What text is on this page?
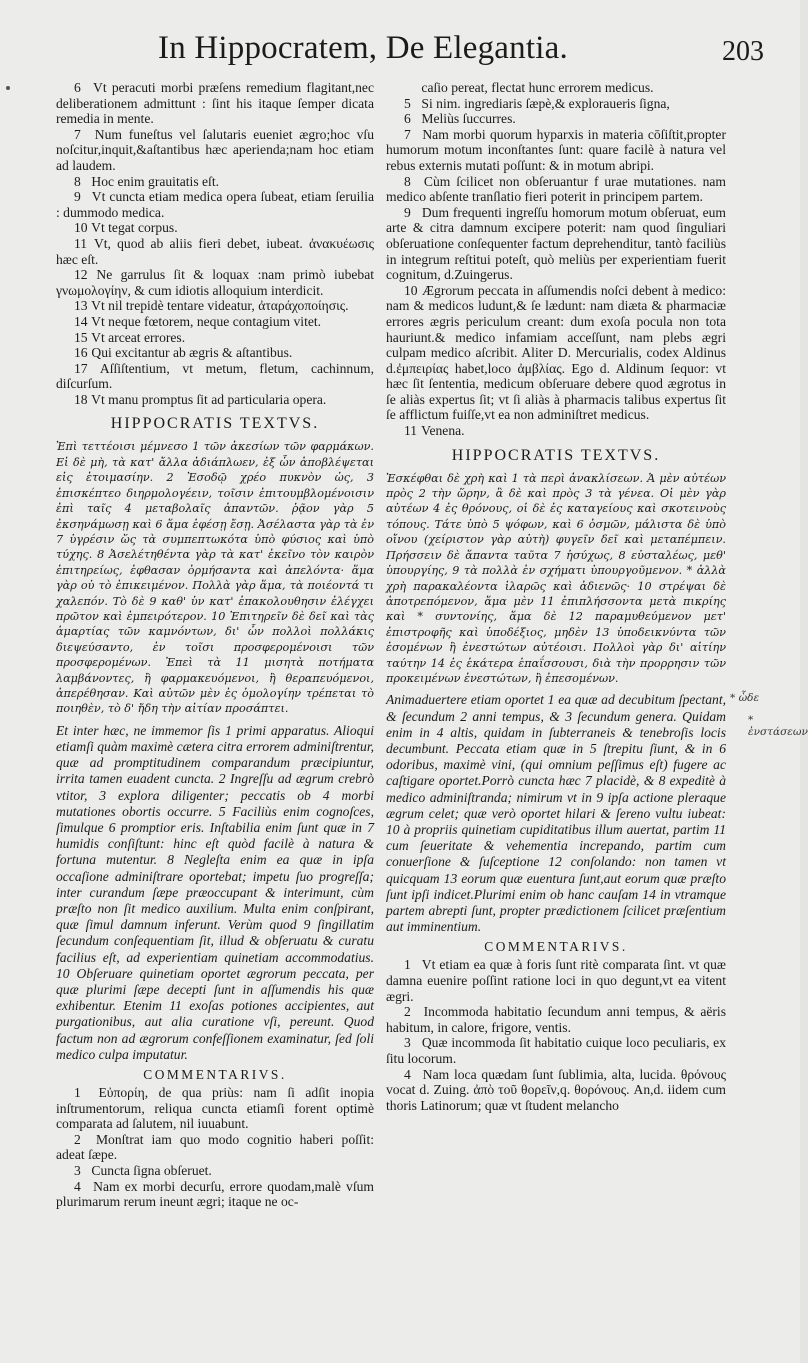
In Hippocratem, De Elegantia.	203

6 Vt peracuti morbi præſens remedium flagitant,nec deliberationem admittunt : ſint his itaque ſemper dicata remedia in mente.

7 Num funeſtus vel ſalutaris eueniet ægro;hoc vſu noſcitur,inquit,&aſtantibus hæc aperienda;nam hoc etiam ad laudem.

8 Hoc enim grauitatis eſt.

9 Vt cuncta etiam medica opera ſubeat, etiam ſeruilia : dummodo medica.

10 Vt tegat corpus.

11 Vt, quod ab aliis fieri debet, iubeat. ἀνακυέωσις hæc eſt.

12 Ne garrulus ſit & loquax :nam primò iubebat γνωμολογίην, & cum idiotis alloquium interdicit.

13 Vt nil trepidè tentare videatur, ἀταράχοποίησις.

14 Vt neque fœtorem, neque contagium vitet.

15 Vt arceat errores.

16 Qui excitantur ab ægris & aſtantibus.

17 Aſſiſtentium, vt metum, fletum, cachinnum, diſcurſum.

18 Vt manu promptus ſit ad particularia opera.

HIPPOCRATIS TEXTVS.

Ἐπὶ τεττέοισι μέμνεσο 1 τῶν ἀκεσίων τῶν φαρμάκων. Εἰ δὲ μὴ, τὰ κατ' ἄλλα ἀδιάπλωεν, ἐξ ὧν ἀποβλέψεται εἰς ἑτοιμασίην. 2 Ἐσοδῷ χρέο πυκνὸν ὡς, 3 ἐπισκέπτεο διηρμολογέειν, τοῖσιν ἐπιτουμβλομένοισιν ἐπὶ ταῖς 4 μεταβολαῖς ἀπαντῶν. ῥᾷον γὰρ 5 ἐκσηνάμωσῃ καὶ 6 ἅμα ἐφέσῃ ἔσῃ. Ἀσέλαστα γὰρ τὰ ἐν 7 ὑγρέσιν ὥς τὰ συμπεπτωκότα ὑπὸ φύσιος καὶ ὑπὸ τύχης. 8 Ἀσελέτηθέντα γὰρ τὰ κατ' ἐκεῖνο τὸν καιρὸν ἐπιτηρείως, ἐφθασαν ὀρμήσαντα καὶ ἀπελόντα· ἅμα γὰρ οὐ τὸ ἐπικειμένον. Πολλὰ γὰρ ἅμα, τὰ ποιέοντά τι χαλεπόν. Τὸ δὲ 9 καθ' ὑν κατ' ἐπακολουθησιν ἐλέγχει πρῶτον καὶ ἐμπειρότερον. 10 Ἐπιτηρεῖν δὲ δεῖ καὶ τὰς ἁμαρτίας τῶν καμνόντων, δι' ὧν πολλοὶ πολλάκις διεψεύσαντο, ἐν τοῖσι προσφερομένοισι τῶν προσφερομένων. Ἐπεὶ τὰ 11 μισητὰ ποτήματα λαμβάνοντες, ἢ φαρμακευόμενοι, ἢ θεραπευόμενοι, ἀπερέθησαν. Καὶ αὐτῶν μὲν ἐς ὁμολογίην τρέπεται τὸ ποιηθὲν, τὸ δ' ἤδη τὴν αἰτίαν προσάπτει.

Et inter hæc, ne immemor ſis 1 primi apparatus. Alioqui etiamſi quàm maximè cætera citra errorem adminiſtrentur, quæ ad promptitudinem comparandum præcipiuntur, irrita tamen euadent cuncta. 2 Ingreſſu ad ægrum crebrò vtitor, 3 explora diligenter; peccatis ob 4 morbi mutationes obortis occurre. 5 Faciliùs enim cognoſces, ſimulque 6 promptior eris. Inſtabilia enim ſunt quæ in 7 humidis conſiſtunt: hinc eſt quòd facilè à natura & fortuna mutentur. 8 Negleſta enim ea quæ in ipſa occaſione adminiſtrare oportebat; impetu ſuo progreſſa; inter curandum ſæpe præoccupant & interimunt, cùm præſto non ſit medico auxilium. Multa enim conſpirant, quæ ſimul damnum inferunt. Verùm quod 9 ſingillatim ſecundum conſequentiam ſit, illud & obſeruatu & curatu facilius eſt, ad experientiam quinetiam accommodatius. 10 Obſeruare quinetiam oportet ægrorum peccata, per quæ plurimi ſæpe decepti ſunt in aſſumendis his quæ exhibentur. Etenim 11 exoſas potiones accipientes, aut purgationibus, aut alia curatione vſi, pereunt. Quod factum non ad ægrorum confeſſionem examinatur, ſed ſoli medico culpa imputatur.

COMMENTARIVS.

1 Εὐπορίη, de qua priùs: nam ſi adſit inopia inſtrumentorum, reliqua cuncta etiamſi forent optimè comparata ad ſalutem, nil iuuabunt.

2 Monſtrat iam quo modo cognitio haberi poſſit: adeat ſæpe.

3 Cuncta ſigna obſeruet.

4 Nam ex morbi decurſu, errore quodam,malè vſum plurimarum rerum ineunt ægri; itaque ne oc-

caſio pereat, flectat hunc errorem medicus.

5 Si nim. ingrediaris ſæpè,& exploraueris ſigna,

6 Meliùs ſuccurres.

7 Nam morbi quorum hyparxis in materia cōſiſtit,propter humorum motum inconſtantes ſunt: quare facilè à natura vel rebus externis mutati poſſunt: & in motum abripi.

8 Cùm ſcilicet non obſeruantur f urae mutationes. nam medico abſente tranſlatio fieri poterit in principem partem.

9 Dum frequenti ingreſſu homorum motum obſeruat, eum arte & citra damnum excipere poterit: nam quod ſinguliari obſeruatione conſequenter factum deprehenditur, tantò faciliùs in integrum reſtitui poteſt, quò meliùs per experientiam fuerit cognitum, d.Zuingerus.

10 Ægrorum peccata in aſſumendis noſci debent à medico: nam & medicos ludunt,& ſe lædunt: nam diæta & pharmaciæ errores ægris periculum creant: dum exoſa pocula non tota hauriunt.& medico infamiam acceſſunt, nam plebs ægri culpam medico aſcribit. Aliter D. Mercurialis, codex Aldinus d.ἐμπειρίας habet,loco ἀμβλίας. Ego d. Aldinum ſequor: vt hæc ſit ſententia, medicum obſeruare debere quod ægrotus in ſe aliàs expertus ſit; vt ſi aliàs à pharmacis talibus expertus ſit ſe afflictum fuiſſe,vt ea non adminiſtret medicus.

11 Venena.

HIPPOCRATIS TEXTVS.

Ἐσκέφθαι δὲ χρὴ καὶ 1 τὰ περὶ ἀνακλίσεων. Ἀ μὲν αὐτέων πρὸς 2 τὴν ὥρην, ἃ δὲ καὶ πρὸς 3 τὰ γένεα. Οἱ μὲν γὰρ αὐτέων 4 ἐς θρόνους, οἱ δὲ ἐς καταγείους καὶ σκοτεινοὺς τόπους. Τάτε ὑπὸ 5 ψόφων, καὶ 6 ὀσμῶν, μάλιστα δὲ ὑπὸ οἴνου (χείριστον γὰρ αὐτὴ) φυγεῖν δεῖ καὶ μεταπέμπειν. Πρήσσειν δὲ ἅπαντα ταῦτα 7 ἡσύχως, 8 εὐσταλέως, μεθ' ὑπουργίης, 9 τὰ πολλὰ ἐν σχήματι ὑπουργοῦμενον. * ἀλλὰ χρὴ παρακαλέοντα ἱλαρῶς καὶ ἀδιενῶς· 10 στρέψαι δὲ ἀποτρεπόμενον, ἅμα μὲν 11 ἐπιπλήσσοντα μετὰ πικρίης καὶ * συντονίης, ἅμα δὲ 12 παραμυθεύμενον μετ' ἐπιστροφῆς καὶ ὑποδέξιος, μηδὲν 13 ὑποδεικνύντα τῶν ἐσομένων ἢ ἐνεστώτων αὐτέοισι. Πολλοὶ γὰρ δι' αἰτίην ταύτην 14 ἐς ἑκάτερα ἐπαΐσσουσι, διὰ τὴν προρρησιν τῶν προκειμένων ἐνεστώτων, ἢ ἐπεσομένων.

Animaduertere etiam oportet 1 ea quæ ad decubitum ſpectant, & ſecundum 2 anni tempus, & 3 ſecundum genera. Quidam enim in 4 altis, quidam in ſubterraneis & tenebroſis locis decumbunt. Peccata etiam quæ in 5 ſtrepitu ſiunt, & in 6 odoribus, maximè vini, (qui omnium peſſimus eſt) fugere ac caſtigare oportet.Porrò cuncta hæc 7 placidè, & 8 expeditè à medico adminiſtranda; nimirum vt in 9 ipſa actione pleraque ægrum celet; quæ verò oportet hilari & ſereno vultu iubeat: 10 à propriis quinetiam cupiditatibus illum auertat, partim 11 cum ſeueritate & vehementia increpando, partim cum conuerſione & ſuſceptione 12 conſolando: non tamen vt quicquam 13 eorum quæ euentura ſunt,aut eorum quæ præſto ſunt ipſi indicet.Plurimi enim ob hanc cauſam 14 in vtramque partem abrepti ſunt, propter prædictionem ſcilicet præſentium aut imminentium.

COMMENTARIVS.

1 Vt etiam ea quæ à foris ſunt ritè comparata ſint. vt quæ damna euenire poſſint ratione loci in quo degunt,vt ea vitent ægri.

2 Incommoda habitatio ſecundum anni tempus, & aëris habitum, in calore, frigore, ventis.

3 Quæ incommoda ſit habitatio cuique loco peculiaris, ex ſitu locorum.

4 Nam loca quædam ſunt ſublimia, alta, lucida. θρόνους vocat d. Zuing. ἀπὸ τοῦ θορεῖν,q. θορόνους. An,d. iidem cum thoris Latinorum; quæ vt ſtudent melancho

* ὧδε
* ἐνστάσεων
